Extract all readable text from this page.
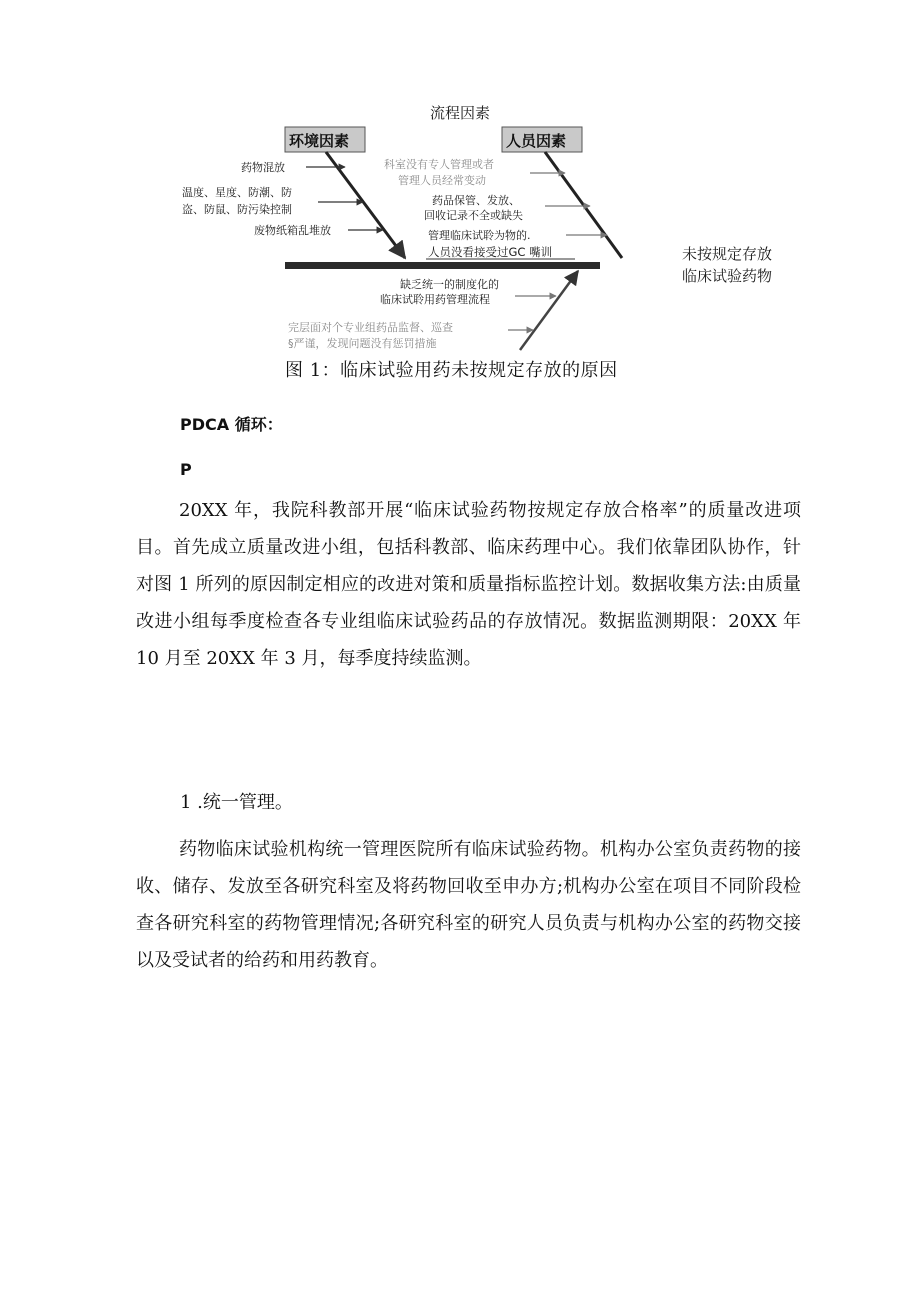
流程因素
环境因素	人员因素
药物混放
温度、星度、防潮、防
盗、防鼠、防污染控制
废物纸箱乱堆放
科室没有专人管理或者
管理人员经常变动
药品保管、发放、
回收记录不全或缺失
管理临床试聆为物的.
人员没看接受过GC 嘴训
缺乏统一的制度化的
临床试聆用药管理流程
完层面对个专业组药品监督、巡查
§严谨，发现问题没有惩罚措施
未按规定存放
临床试验药物
图 1：临床试验用药未按规定存放的原因
PDCA 循环：
P

20XX 年，我院科教部开展“临床试验药物按规定存放合格率”的质量改进项目。首先成立质量改进小组，包括科教部、临床药理中心。我们依靠团队协作，针对图 1 所列的原因制定相应的改进对策和质量指标监控计划。数据收集方法:由质量改进小组每季度检查各专业组临床试验药品的存放情况。数据监测期限：20XX 年 10 月至 20XX 年 3 月，每季度持续监测。

1 .统一管理。

药物临床试验机构统一管理医院所有临床试验药物。机构办公室负责药物的接收、储存、发放至各研究科室及将药物回收至申办方;机构办公室在项目不同阶段检查各研究科室的药物管理情况;各研究科室的研究人员负责与机构办公室的药物交接以及受试者的给药和用药教育。
